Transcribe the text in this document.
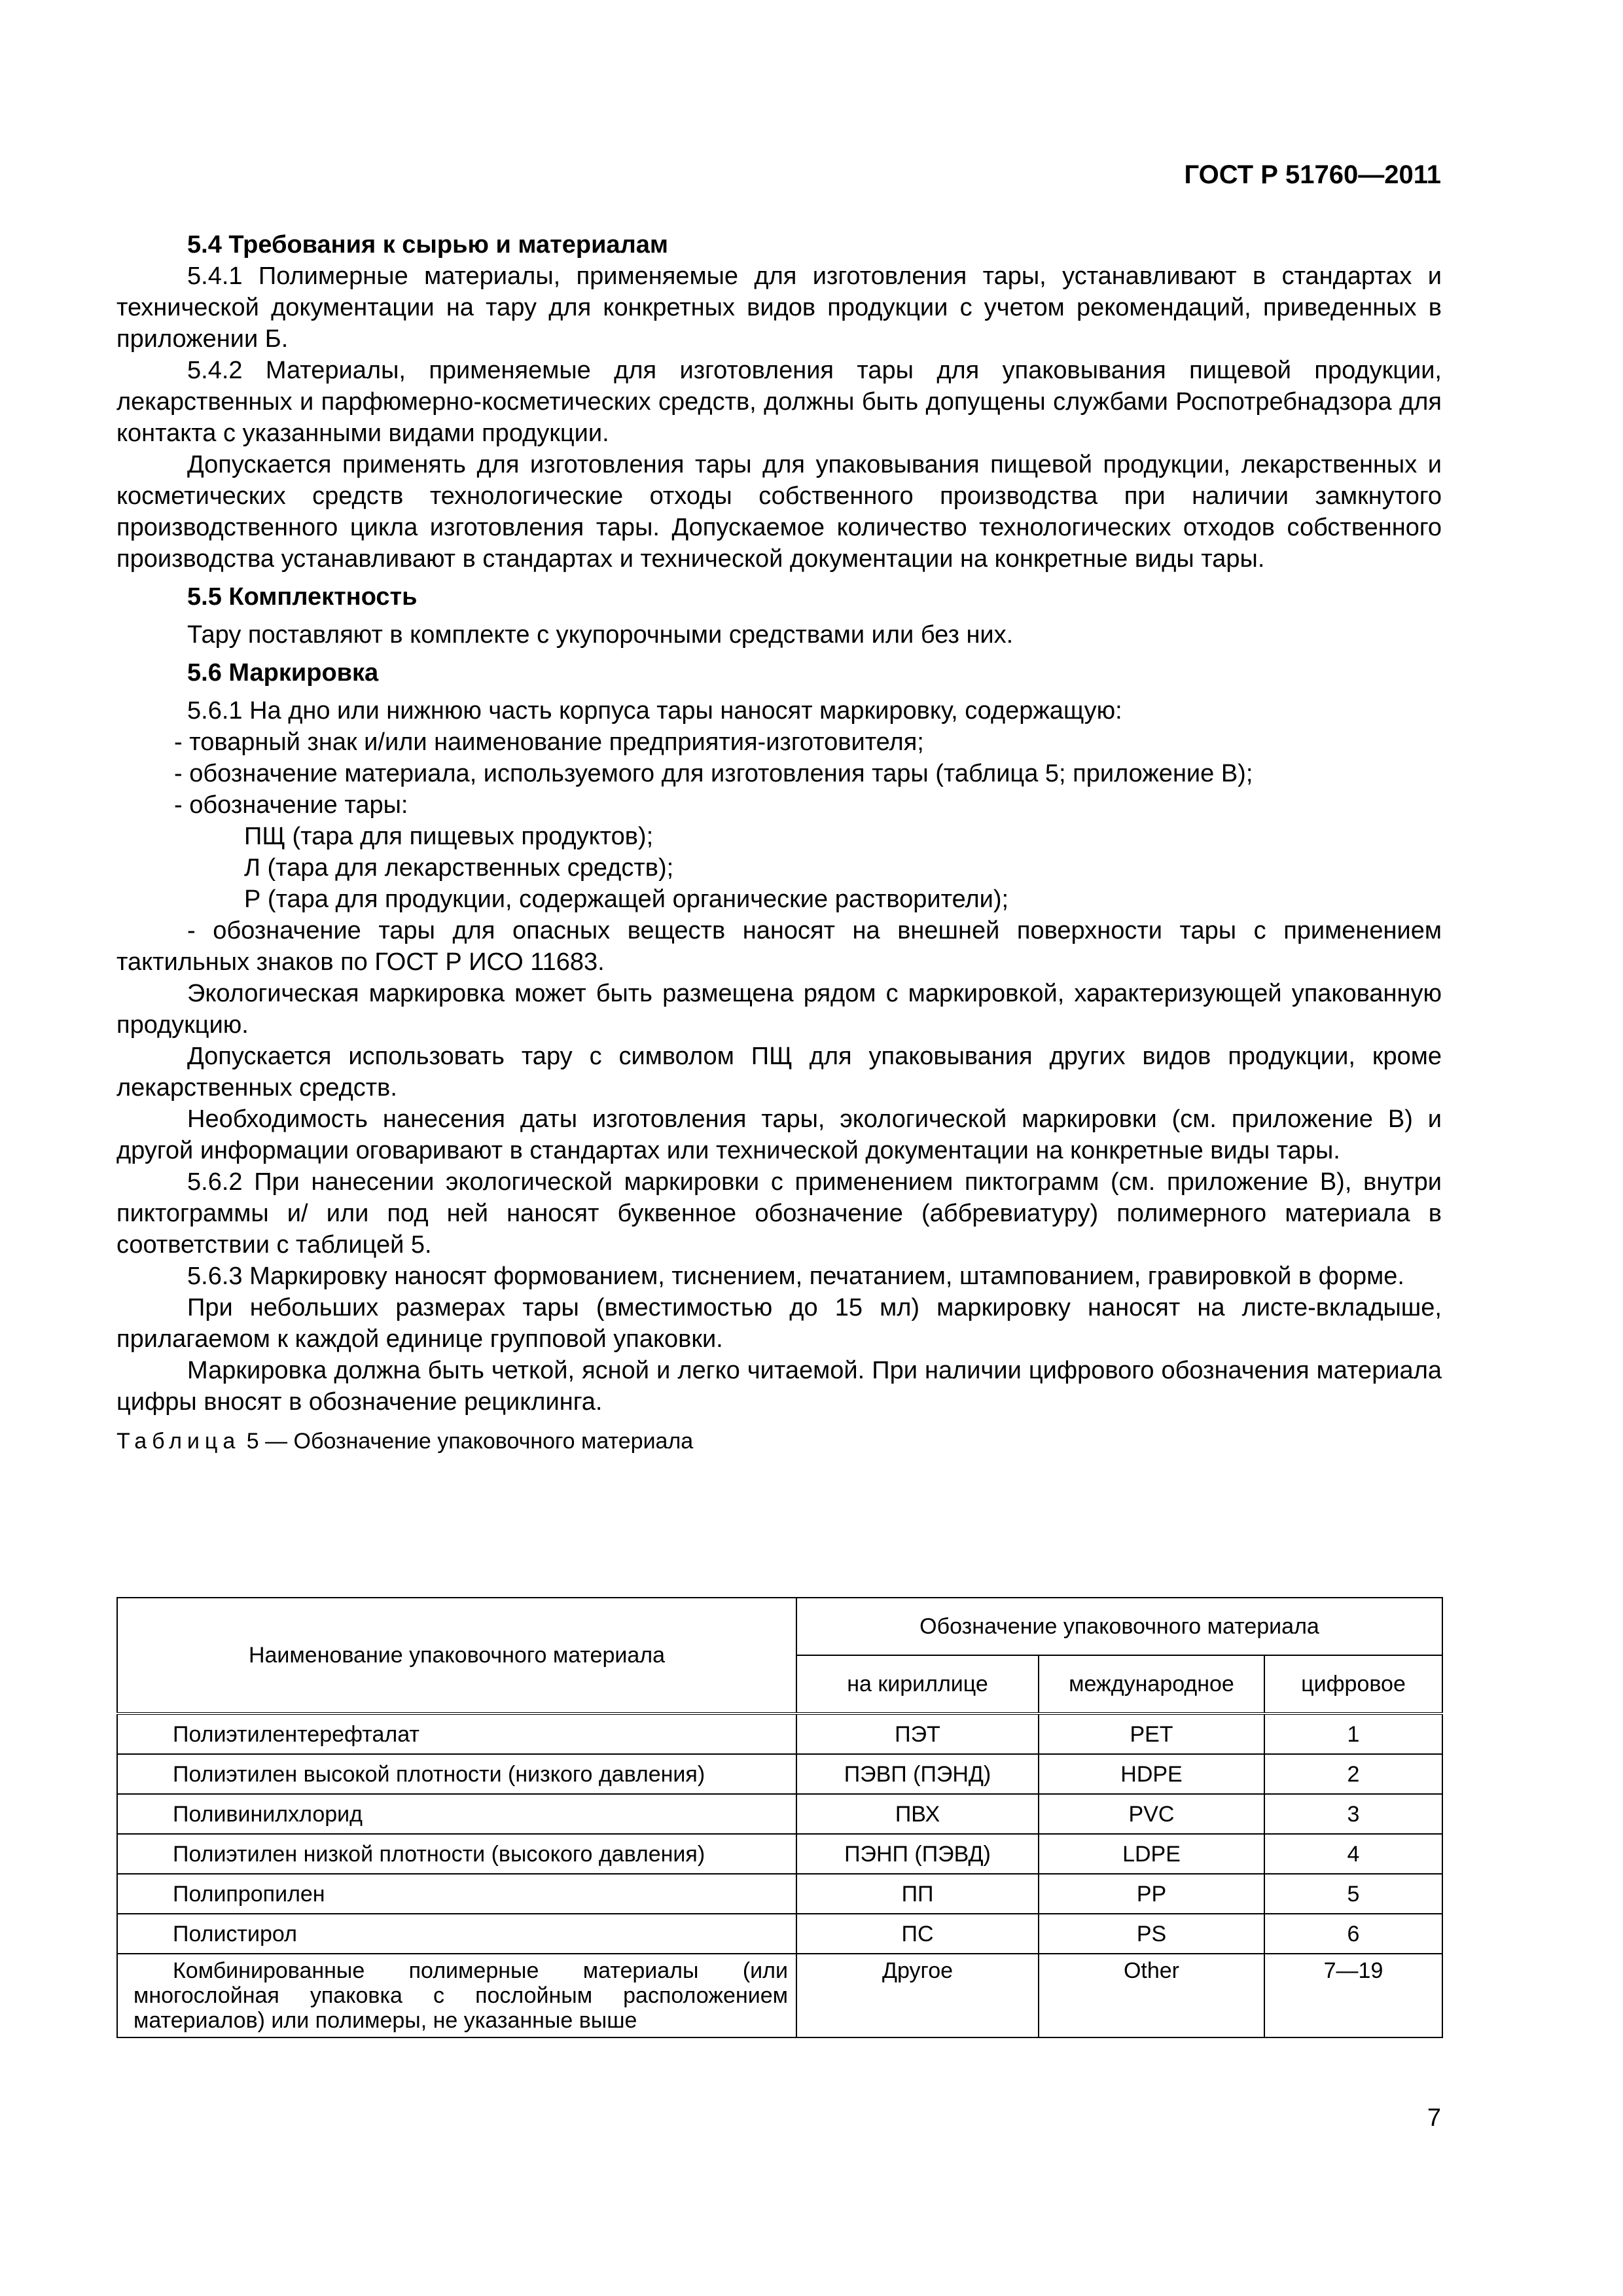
ГОСТ Р 51760—2011

5.4 Требования к сырью и материалам

5.4.1 Полимерные материалы, применяемые для изготовления тары, устанавливают в стандартах и технической документации на тару для конкретных видов продукции с учетом рекомендаций, приведенных в приложении Б.

5.4.2 Материалы, применяемые для изготовления тары для упаковывания пищевой продукции, лекарственных и парфюмерно-косметических средств, должны быть допущены службами Роспотребнадзора для контакта с указанными видами продукции.

Допускается применять для изготовления тары для упаковывания пищевой продукции, лекарственных и косметических средств технологические отходы собственного производства при наличии замкнутого производственного цикла изготовления тары. Допускаемое количество технологических отходов собственного производства устанавливают в стандартах и технической документации на конкретные виды тары.

5.5 Комплектность

Тару поставляют в комплекте с укупорочными средствами или без них.

5.6 Маркировка

5.6.1 На дно или нижнюю часть корпуса тары наносят маркировку, содержащую:

- товарный знак и/или наименование предприятия-изготовителя;

- обозначение материала, используемого для изготовления тары (таблица 5; приложение В);

- обозначение тары:

ПЩ (тара для пищевых продуктов);

Л (тара для лекарственных средств);

Р (тара для продукции, содержащей органические растворители);

- обозначение тары для опасных веществ наносят на внешней поверхности тары с применением тактильных знаков по ГОСТ Р ИСО 11683.

Экологическая маркировка может быть размещена рядом с маркировкой, характеризующей упакованную продукцию.

Допускается использовать тару с символом ПЩ для упаковывания других видов продукции, кроме лекарственных средств.

Необходимость нанесения даты изготовления тары, экологической маркировки (см. приложение В) и другой информации оговаривают в стандартах или технической документации на конкретные виды тары.

5.6.2 При нанесении экологической маркировки с применением пиктограмм (см. приложение В), внутри пиктограммы и/ или под ней наносят буквенное обозначение (аббревиатуру) полимерного материала в соответствии с таблицей 5.

5.6.3 Маркировку наносят формованием, тиснением, печатанием, штампованием, гравировкой в форме.

При небольших размерах тары (вместимостью до 15 мл) маркировку наносят на листе-вкладыше, прилагаемом к каждой единице групповой упаковки.

Маркировка должна быть четкой, ясной и легко читаемой. При наличии цифрового обозначения материала цифры вносят в обозначение рециклинга.

Таблица 5 — Обозначение упаковочного материала

Наименование упаковочного материала	Обозначение упаковочного материала		
	на кириллице	международное	цифровое
Полиэтилентерефталат	ПЭТ	PET	1
Полиэтилен высокой плотности (низкого давления)	ПЭВП (ПЭНД)	HDPE	2
Поливинилхлорид	ПВХ	PVC	3
Полиэтилен низкой плотности (высокого давления)	ПЭНП (ПЭВД)	LDPE	4
Полипропилен	ПП	PP	5
Полистирол	ПС	PS	6
Комбинированные полимерные материалы (или многослойная упаковка с послойным расположением материалов) или полимеры, не указанные выше	Другое	Other	7—19
7
